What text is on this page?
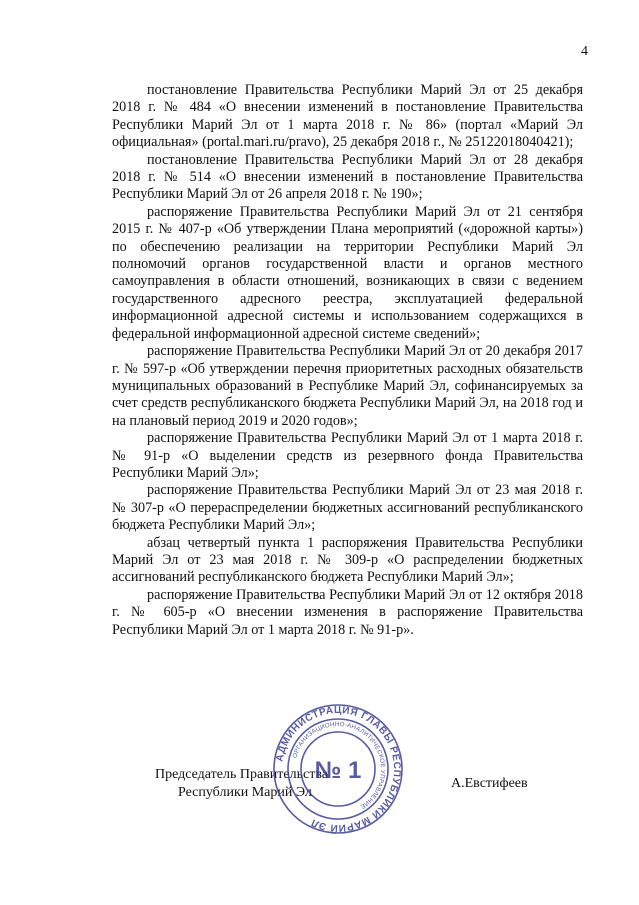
4

постановление Правительства Республики Марий Эл от 25 декабря 2018 г. № 484 «О внесении изменений в постановление Правительства Республики Марий Эл от 1 марта 2018 г. № 86» (портал «Марий Эл официальная» (portal.mari.ru/pravo), 25 декабря 2018 г., № 25122018040421);

постановление Правительства Республики Марий Эл от 28 декабря 2018 г. № 514 «О внесении изменений в постановление Правительства Республики Марий Эл от 26 апреля 2018 г. № 190»;

распоряжение Правительства Республики Марий Эл от 21 сентября 2015 г. № 407-р «Об утверждении Плана мероприятий («дорожной карты») по обеспечению реализации на территории Республики Марий Эл полномочий органов государственной власти и органов местного самоуправления в области отношений, возникающих в связи с ведением государственного адресного реестра, эксплуатацией федеральной информационной адресной системы и использованием содержащихся в федеральной информационной адресной системе сведений»;

распоряжение Правительства Республики Марий Эл от 20 декабря 2017 г. № 597-р «Об утверждении перечня приоритетных расходных обязательств муниципальных образований в Республике Марий Эл, софинансируемых за счет средств республиканского бюджета Республики Марий Эл, на 2018 год и на плановый период 2019 и 2020 годов»;

распоряжение Правительства Республики Марий Эл от 1 марта 2018 г. № 91-р «О выделении средств из резервного фонда Правительства Республики Марий Эл»;

распоряжение Правительства Республики Марий Эл от 23 мая 2018 г. № 307-р «О перераспределении бюджетных ассигнований республиканского бюджета Республики Марий Эл»;

абзац четвертый пункта 1 распоряжения Правительства Республики Марий Эл от 23 мая 2018 г. № 309-р «О распределении бюджетных ассигнований республиканского бюджета Республики Марий Эл»;

распоряжение Правительства Республики Марий Эл от 12 октября 2018 г. № 605-р «О внесении изменения в распоряжение Правительства Республики Марий Эл от 1 марта 2018 г. № 91-р».

Председатель Правительства
Республики Марий Эл
А.Евстифеев
АДМИНИСТРАЦИЯ ГЛАВЫ РЕСПУБЛИКИ МАРИЙ ЭЛ
ОРГАНИЗАЦИОННО-АНАЛИТИЧЕСКОЕ УПРАВЛЕНИЕ
№ 1
